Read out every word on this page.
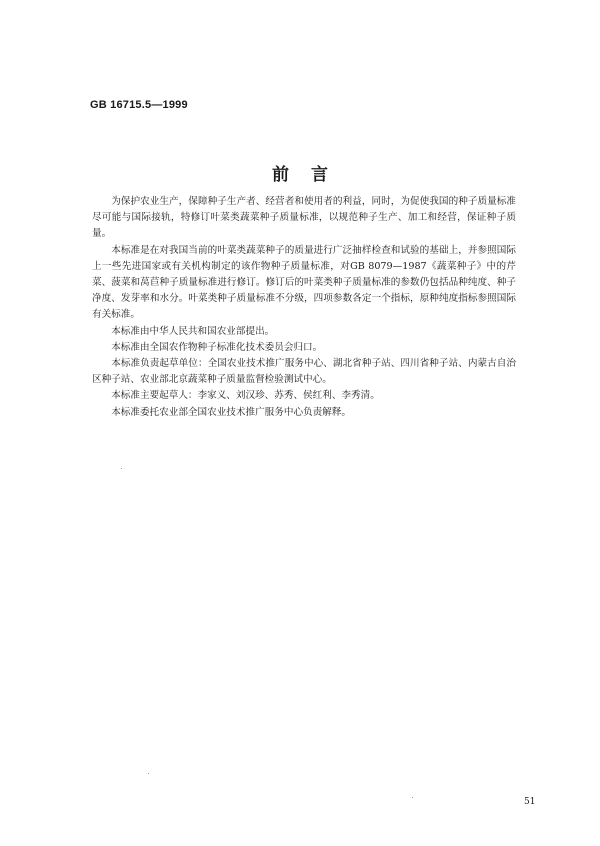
GB 16715.5—1999
前言

为保护农业生产，保障种子生产者、经营者和使用者的利益，同时，为促使我国的种子质量标准尽可能与国际接轨，特修订叶菜类蔬菜种子质量标准，以规范种子生产、加工和经营，保证种子质量。

本标准是在对我国当前的叶菜类蔬菜种子的质量进行广泛抽样检查和试验的基础上，并参照国际上一些先进国家或有关机构制定的该作物种子质量标准，对GB 8079—1987《蔬菜种子》中的芹菜、菠菜和莴苣种子质量标准进行修订。修订后的叶菜类种子质量标准的参数仍包括品种纯度、种子净度、发芽率和水分。叶菜类种子质量标准不分级，四项参数各定一个指标，原种纯度指标参照国际有关标准。

本标准由中华人民共和国农业部提出。

本标准由全国农作物种子标准化技术委员会归口。

本标准负责起草单位：全国农业技术推广服务中心、湖北省种子站、四川省种子站、内蒙古自治区种子站、农业部北京蔬菜种子质量监督检验测试中心。

本标准主要起草人：李家义、刘汉珍、苏秀、侯红利、李秀清。

本标准委托农业部全国农业技术推广服务中心负责解释。

51
